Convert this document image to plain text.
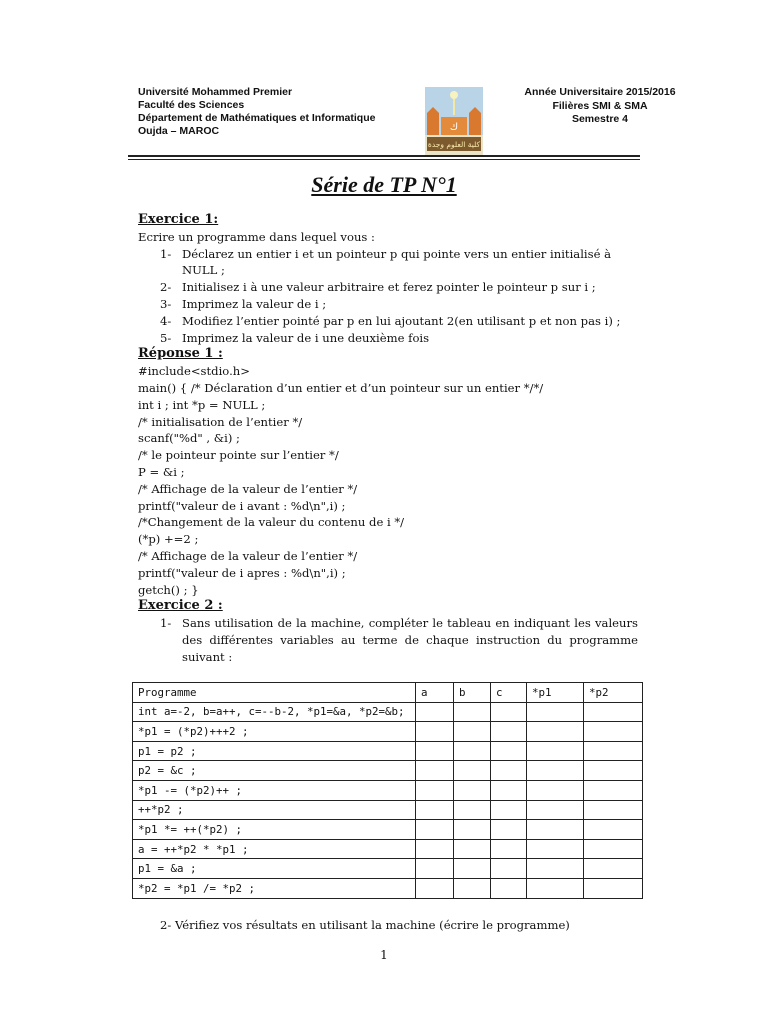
Université Mohammed Premier
Faculté des Sciences
Département de Mathématiques et Informatique
Oujda – MAROC	ﻙ
كلية العلوم وجدة
Année Universitaire 2015/2016
Filières SMI & SMA
Semestre 4
Série de TP N°1
Exercice 1:
Ecrire un programme dans lequel vous :
1- Déclarez un entier i et un pointeur p qui pointe vers un entier initialisé à NULL ;
2- Initialisez i à une valeur arbitraire et ferez pointer le pointeur p sur i ;
3- Imprimez la valeur de i ;
4- Modifiez l’entier pointé par p en lui ajoutant 2(en utilisant p et non pas i) ;
5- Imprimez la valeur de i une deuxième fois
Réponse 1 :
#include<stdio.h>
main() { /* Déclaration d’un entier et d’un pointeur sur un entier */*/
int i ; int *p = NULL ;
/* initialisation de l’entier */
scanf("%d" , &i) ;
/* le pointeur pointe sur l’entier */
P = &i ;
/* Affichage de la valeur de l’entier */
printf("valeur de i avant : %d\n",i) ;
/*Changement de la valeur du contenu de i */
(*p) +=2 ;
/* Affichage de la valeur de l’entier */
printf("valeur de i apres : %d\n",i) ;
getch() ; }
Exercice 2 :
1- Sans utilisation de la machine, compléter le tableau en indiquant les valeurs des différentes variables au terme de chaque instruction du programme suivant :
Programme	a	b	c	*p1	*p2
int a=-2, b=a++, c=--b-2, *p1=&a, *p2=&b;					
*p1 = (*p2)+++2 ;					
p1 = p2 ;					
p2 = &c ;					
*p1 -= (*p2)++ ;					
++*p2 ;					
*p1 *= ++(*p2) ;					
a = ++*p2 * *p1 ;					
p1 = &a ;					
*p2 = *p1 /= *p2 ;					
2- Vérifiez vos résultats en utilisant la machine (écrire le programme)
1
